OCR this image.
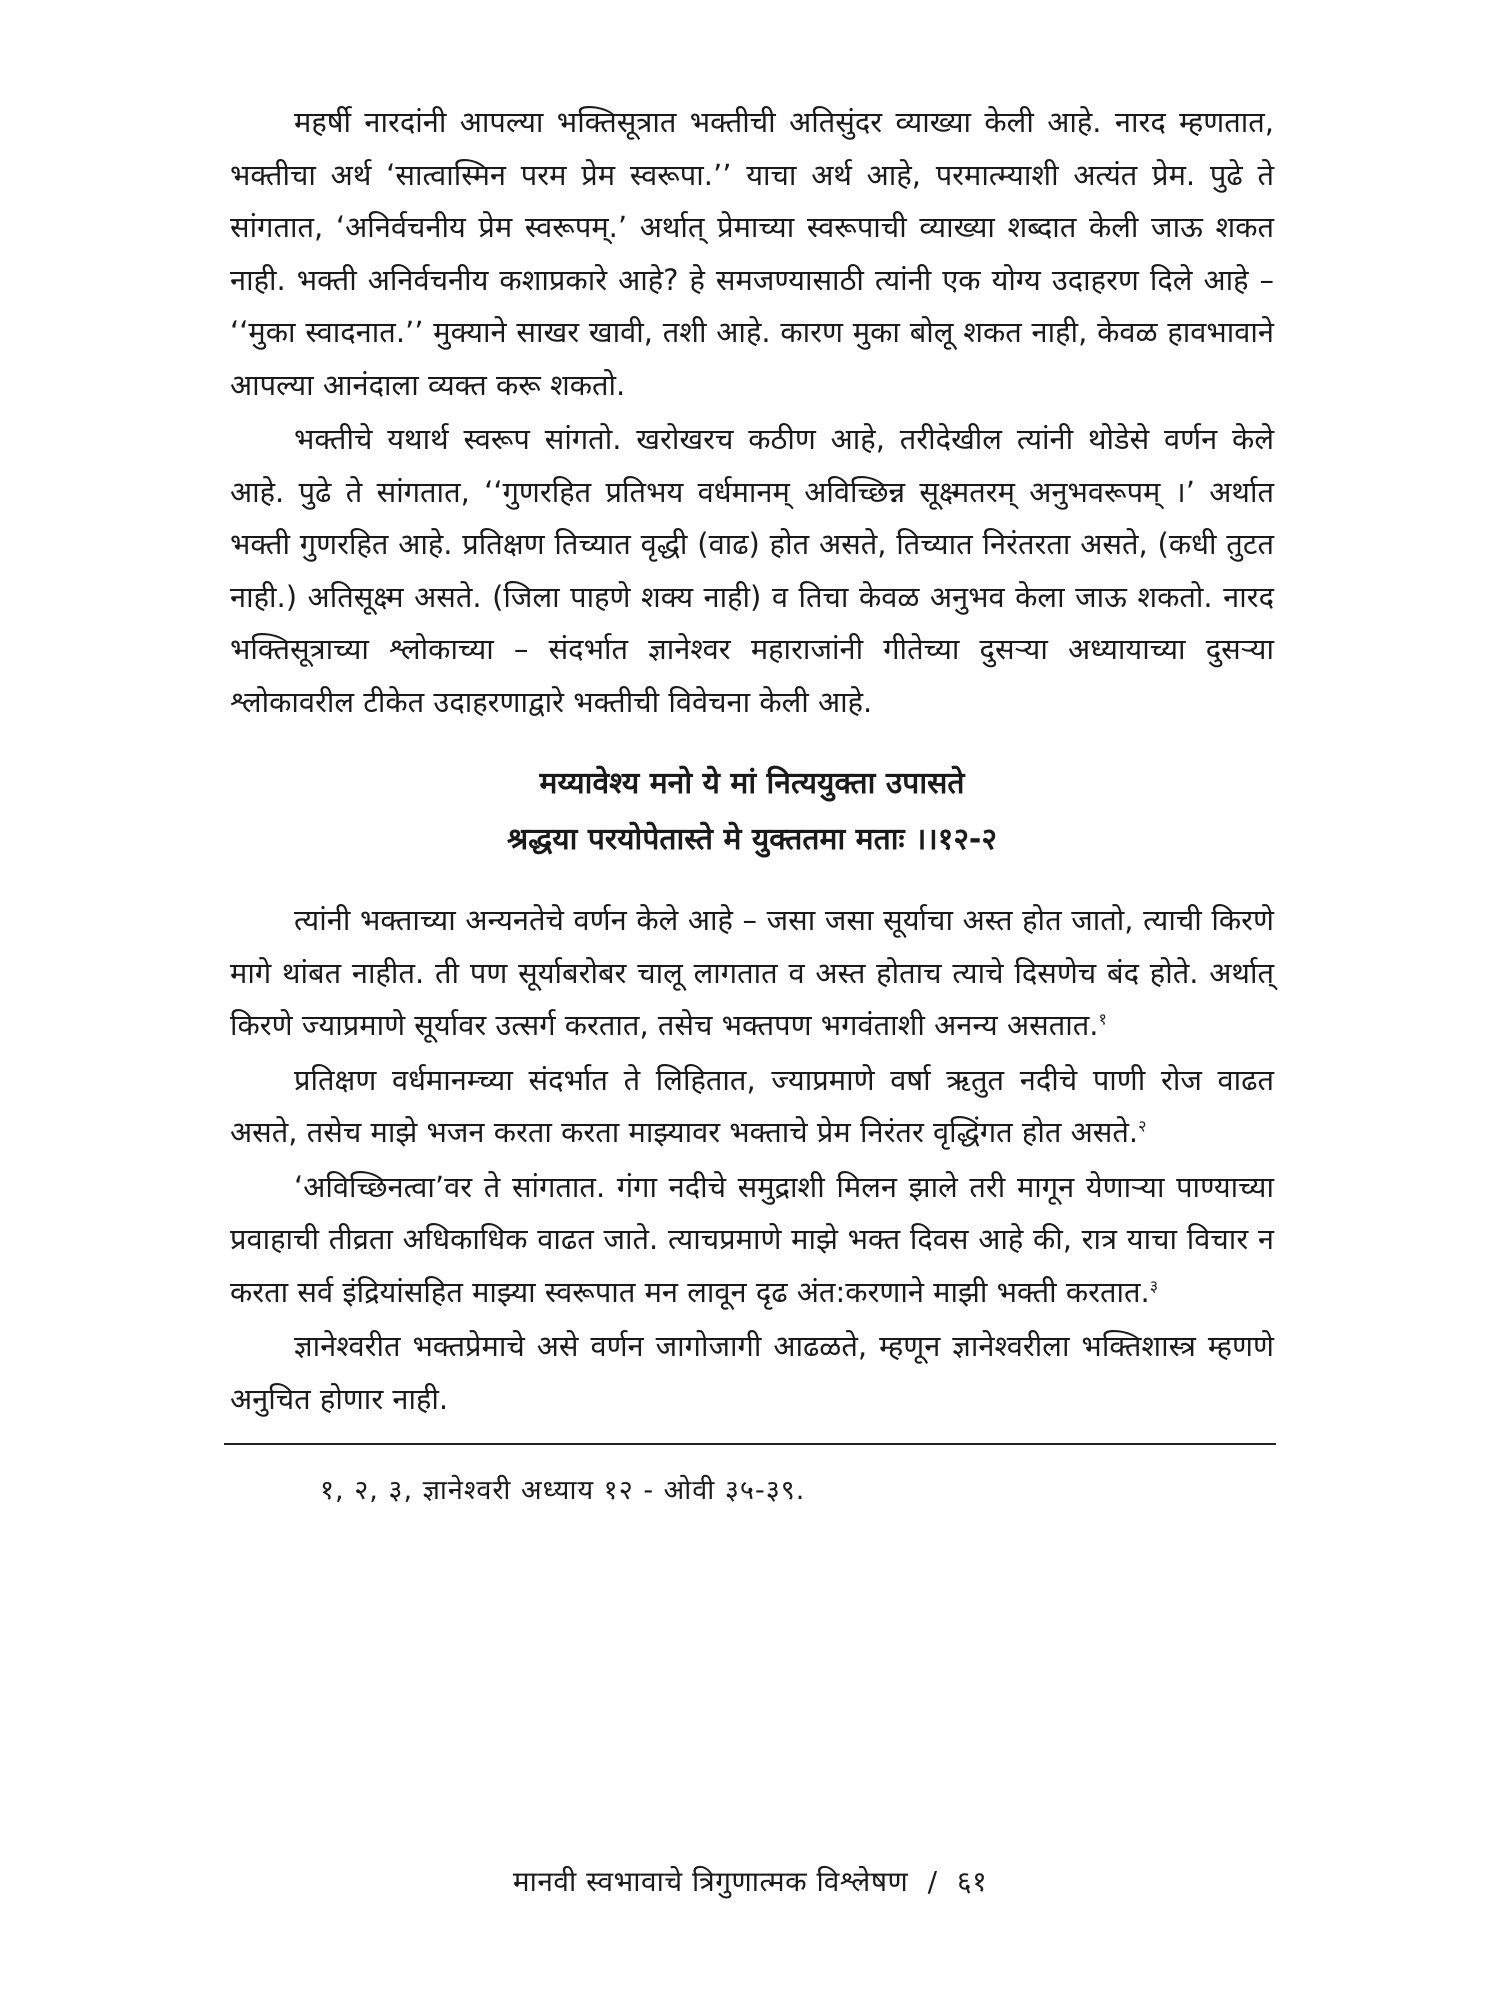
महर्षी नारदांनी आपल्या भक्तिसूत्रात भक्तीची अतिसुंदर व्याख्या केली आहे. नारद म्हणतात, भक्तीचा अर्थ ‘सात्वास्मिन परम प्रेम स्वरूपा.’’ याचा अर्थ आहे, परमात्म्याशी अत्यंत प्रेम. पुढे ते सांगतात, ‘अनिर्वचनीय प्रेम स्वरूपम्.’ अर्थात् प्रेमाच्या स्वरूपाची व्याख्या शब्दात केली जाऊ शकत नाही. भक्ती अनिर्वचनीय कशाप्रकारे आहे? हे समजण्यासाठी त्यांनी एक योग्य उदाहरण दिले आहे – ‘‘मुका स्वादनात.’’ मुक्याने साखर खावी, तशी आहे. कारण मुका बोलू शकत नाही, केवळ हावभावाने आपल्या आनंदाला व्यक्त करू शकतो.

भक्तीचे यथार्थ स्वरूप सांगतो. खरोखरच कठीण आहे, तरीदेखील त्यांनी थोडेसे वर्णन केले आहे. पुढे ते सांगतात, ‘‘गुणरहित प्रतिभय वर्धमानम् अविच्छिन्न सूक्ष्मतरम् अनुभवरूपम् ।’ अर्थात भक्ती गुणरहित आहे. प्रतिक्षण तिच्यात वृद्धी (वाढ) होत असते, तिच्यात निरंतरता असते, (कधी तुटत नाही.) अतिसूक्ष्म असते. (जिला पाहणे शक्य नाही) व तिचा केवळ अनुभव केला जाऊ शकतो. नारद भक्तिसूत्राच्या श्लोकाच्या – संदर्भात ज्ञानेश्वर महाराजांनी गीतेच्या दुसऱ्या अध्यायाच्या दुसऱ्या श्लोकावरील टीकेत उदाहरणाद्वारे भक्तीची विवेचना केली आहे.

मय्यावेश्य मनो ये मां नित्ययुक्ता उपासते
श्रद्धया परयोपेतास्ते मे युक्ततमा मताः ।।१२-२

त्यांनी भक्ताच्या अन्यनतेचे वर्णन केले आहे – जसा जसा सूर्याचा अस्त होत जातो, त्याची किरणे मागे थांबत नाहीत. ती पण सूर्याबरोबर चालू लागतात व अस्त होताच त्याचे दिसणेच बंद होते. अर्थात् किरणे ज्याप्रमाणे सूर्यावर उत्सर्ग करतात, तसेच भक्तपण भगवंताशी अनन्य असतात.$^१$

प्रतिक्षण वर्धमानम्च्या संदर्भात ते लिहितात, ज्याप्रमाणे वर्षा ऋतुत नदीचे पाणी रोज वाढत असते, तसेच माझे भजन करता करता माझ्यावर भक्ताचे प्रेम निरंतर वृद्धिंगत होत असते.$^२$

‘अविच्छिनत्वा’वर ते सांगतात. गंगा नदीचे समुद्राशी मिलन झाले तरी मागून येणाऱ्या पाण्याच्या प्रवाहाची तीव्रता अधिकाधिक वाढत जाते. त्याचप्रमाणे माझे भक्त दिवस आहे की, रात्र याचा विचार न करता सर्व इंद्रियांसहित माझ्या स्वरूपात मन लावून दृढ अंत:करणाने माझी भक्ती करतात.$^३$

ज्ञानेश्वरीत भक्तप्रेमाचे असे वर्णन जागोजागी आढळते, म्हणून ज्ञानेश्वरीला भक्तिशास्त्र म्हणणे अनुचित होणार नाही.

१, २, ३, ज्ञानेश्वरी अध्याय १२ - ओवी ३५-३९.
मानवी स्वभावाचे त्रिगुणात्मक विश्लेषण / ६१
